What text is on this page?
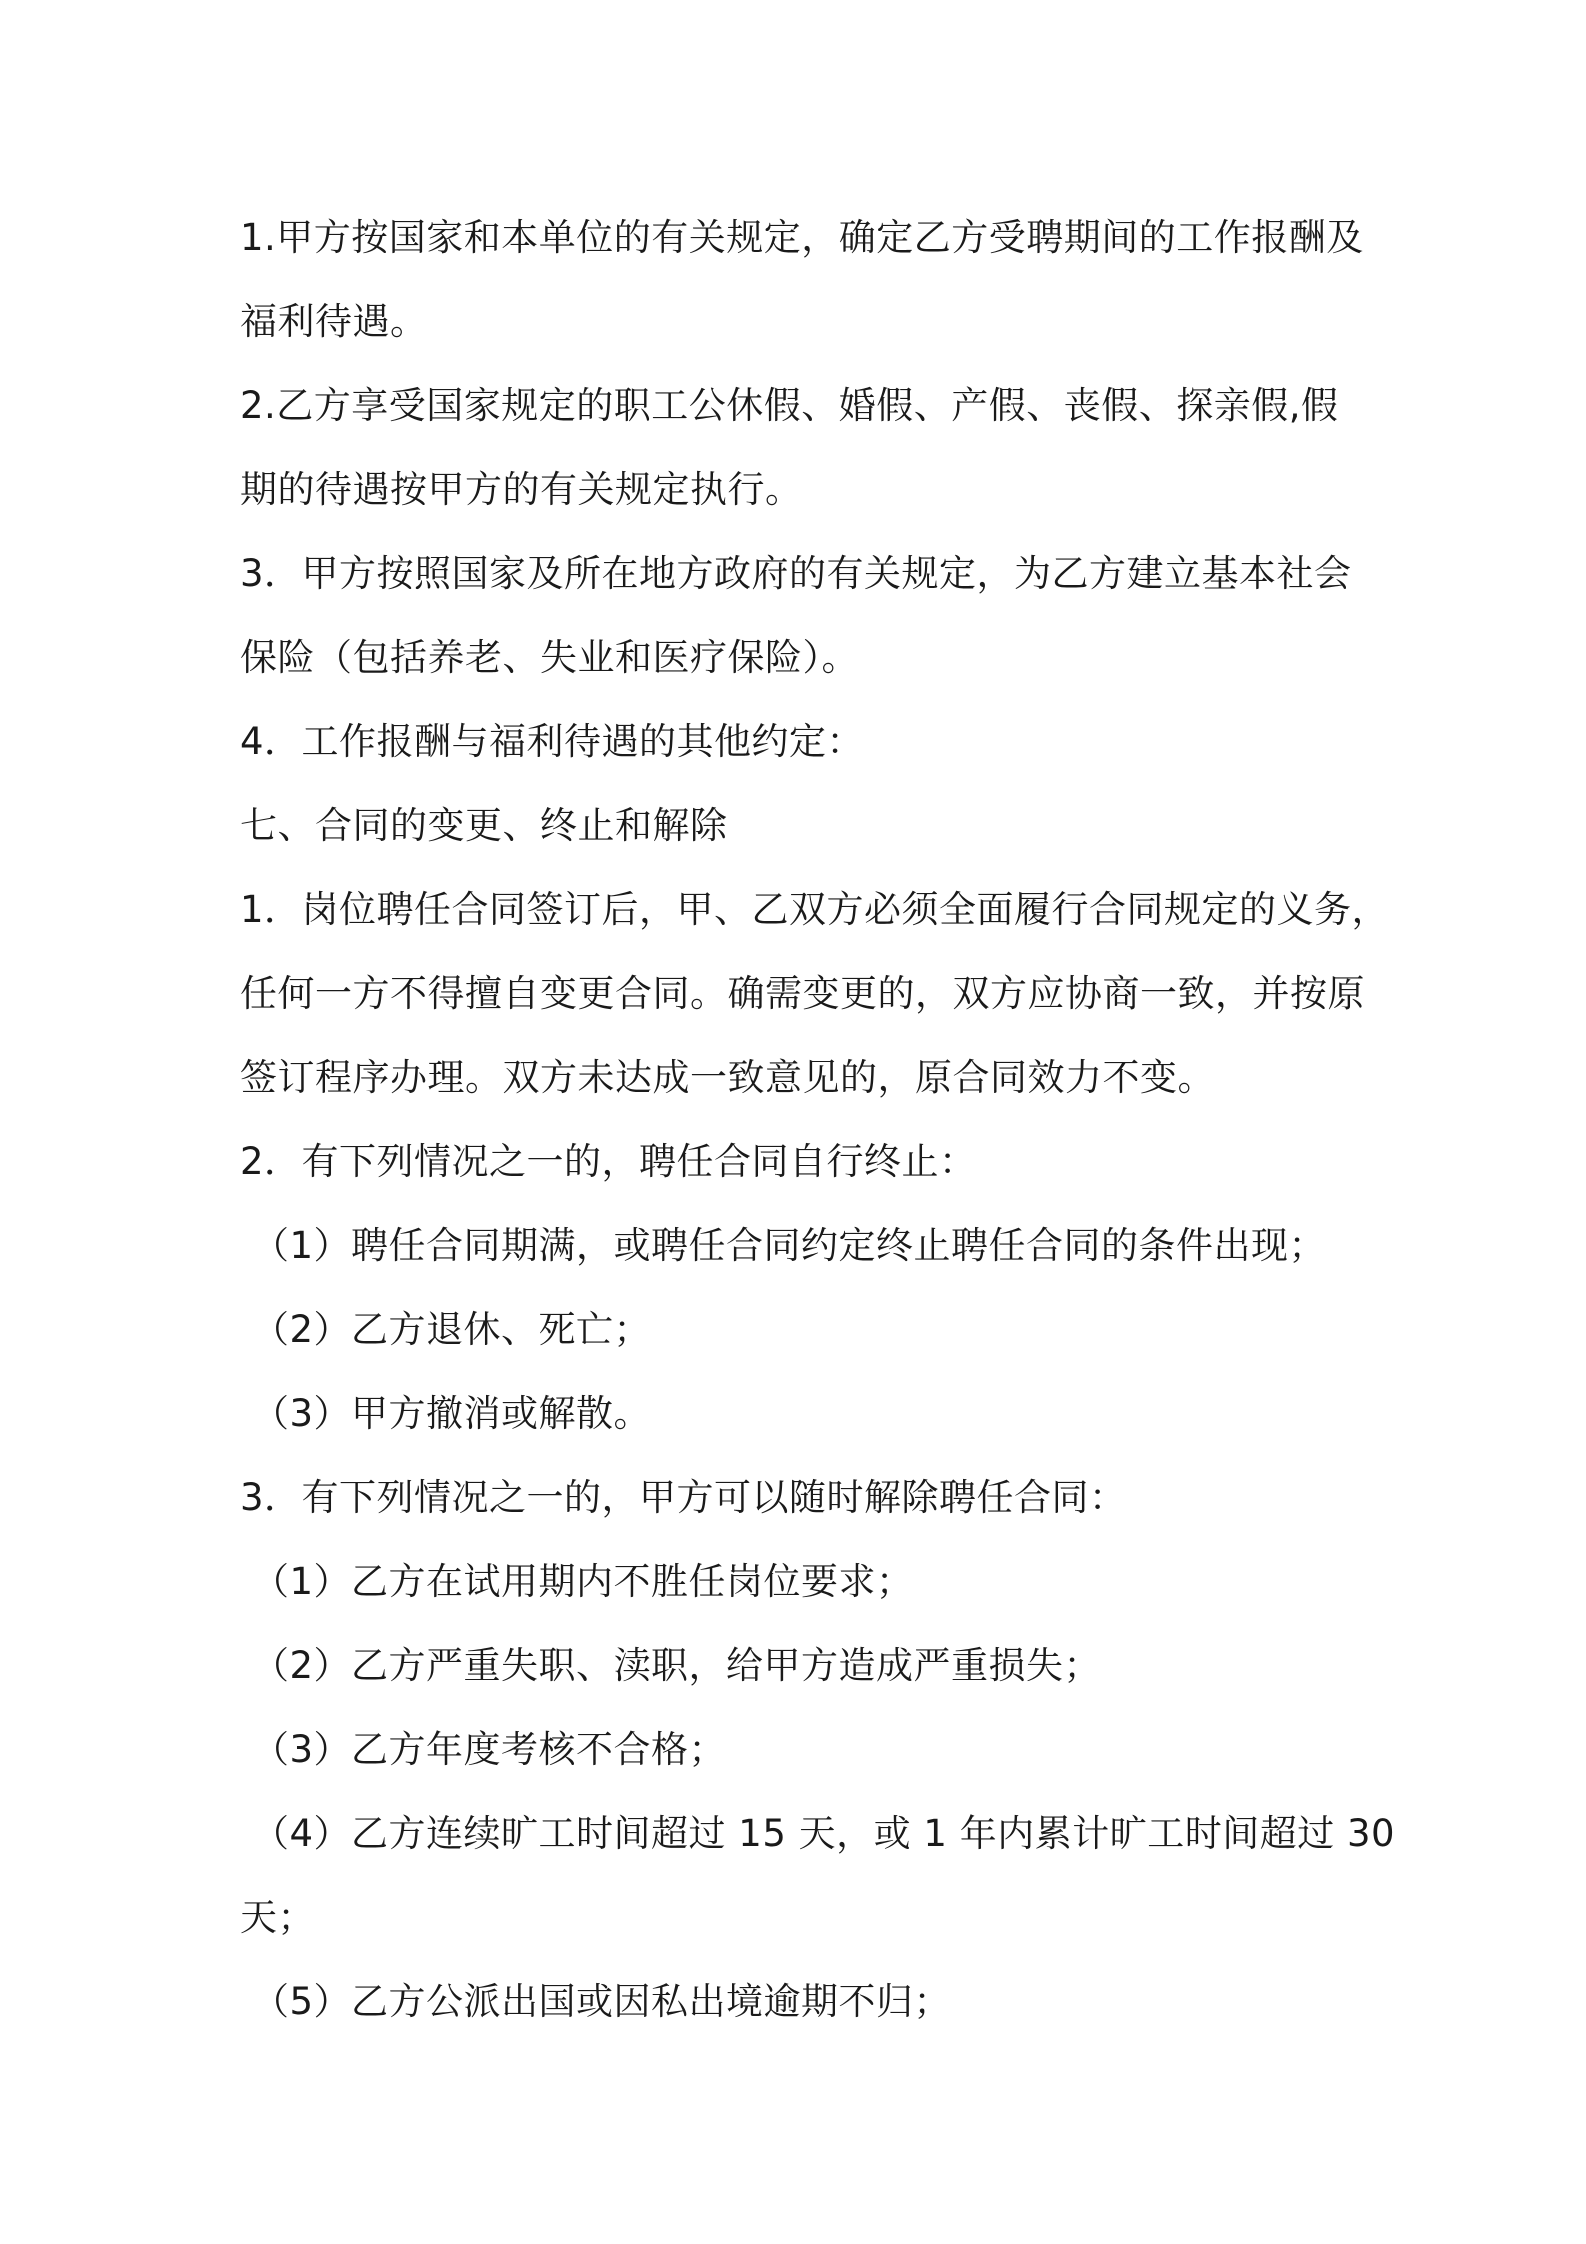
1.甲方按国家和本单位的有关规定，确定乙方受聘期间的工作报酬及
福利待遇。
2.乙方享受国家规定的职工公休假、婚假、产假、丧假、探亲假,假
期的待遇按甲方的有关规定执行。
3．甲方按照国家及所在地方政府的有关规定，为乙方建立基本社会
保险（包括养老、失业和医疗保险）。
4．工作报酬与福利待遇的其他约定：
七、合同的变更、终止和解除
1．岗位聘任合同签订后，甲、乙双方必须全面履行合同规定的义务，
任何一方不得擅自变更合同。确需变更的，双方应协商一致，并按原
签订程序办理。双方未达成一致意见的，原合同效力不变。
2．有下列情况之一的，聘任合同自行终止：
（1）聘任合同期满，或聘任合同约定终止聘任合同的条件出现；
（2）乙方退休、死亡；
（3）甲方撤消或解散。
3．有下列情况之一的，甲方可以随时解除聘任合同：
（1）乙方在试用期内不胜任岗位要求；
（2）乙方严重失职、渎职，给甲方造成严重损失；
（3）乙方年度考核不合格；
（4）乙方连续旷工时间超过 15 天，或 1 年内累计旷工时间超过 30
天；
（5）乙方公派出国或因私出境逾期不归；
